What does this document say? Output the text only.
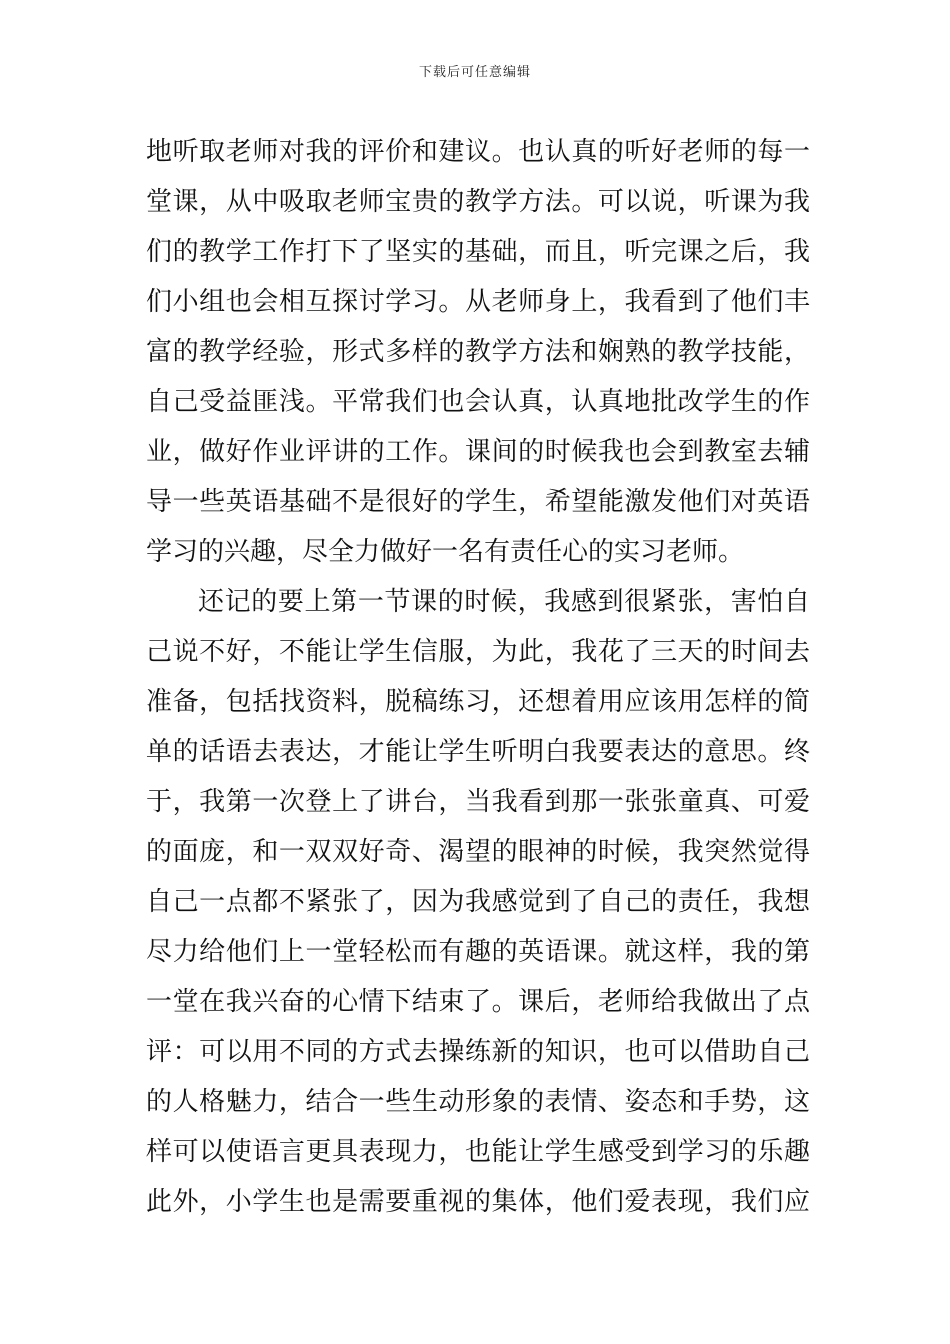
下载后可任意编辑
地听取老师对我的评价和建议。也认真的听好老师的每一
堂课，从中吸取老师宝贵的教学方法。可以说，听课为我
们的教学工作打下了坚实的基础，而且，听完课之后，我
们小组也会相互探讨学习。从老师身上，我看到了他们丰
富的教学经验，形式多样的教学方法和娴熟的教学技能，
自己受益匪浅。平常我们也会认真，认真地批改学生的作
业，做好作业评讲的工作。课间的时候我也会到教室去辅
导一些英语基础不是很好的学生，希望能激发他们对英语
学习的兴趣，尽全力做好一名有责任心的实习老师。
还记的要上第一节课的时候，我感到很紧张，害怕自
己说不好，不能让学生信服，为此，我花了三天的时间去
准备，包括找资料，脱稿练习，还想着用应该用怎样的简
单的话语去表达，才能让学生听明白我要表达的意思。终
于，我第一次登上了讲台，当我看到那一张张童真、可爱
的面庞，和一双双好奇、渴望的眼神的时候，我突然觉得
自己一点都不紧张了，因为我感觉到了自己的责任，我想
尽力给他们上一堂轻松而有趣的英语课。就这样，我的第
一堂在我兴奋的心情下结束了。课后，老师给我做出了点
评：可以用不同的方式去操练新的知识，也可以借助自己
的人格魅力，结合一些生动形象的表情、姿态和手势，这
样可以使语言更具表现力，也能让学生感受到学习的乐趣
此外，小学生也是需要重视的集体，他们爱表现，我们应
